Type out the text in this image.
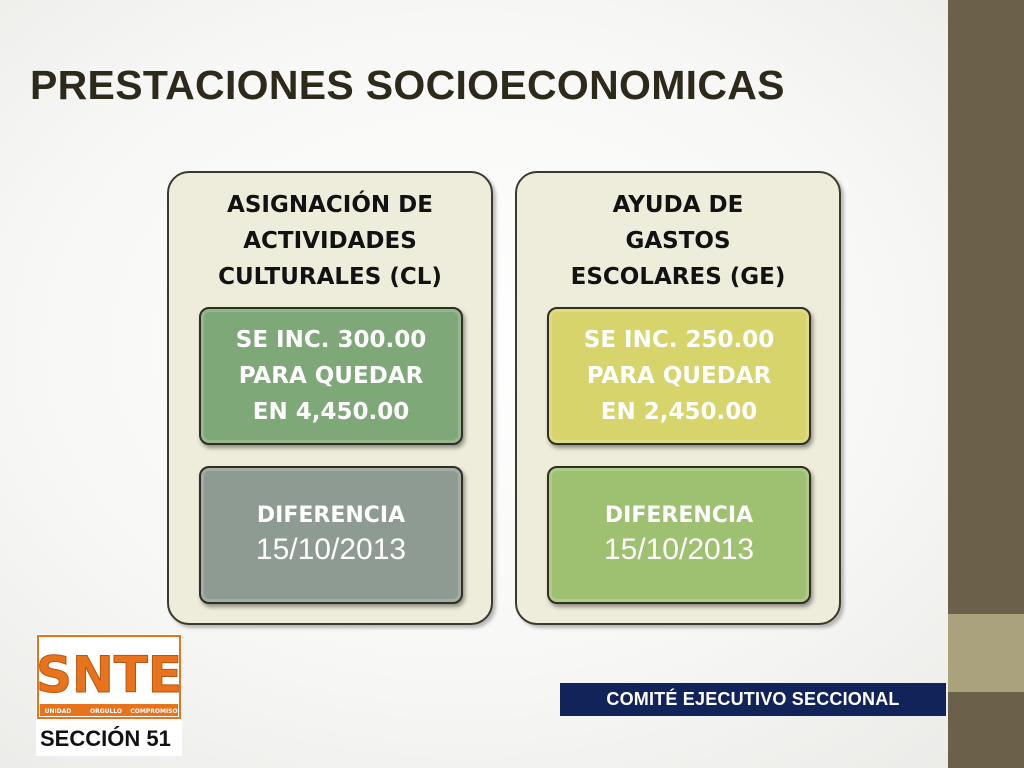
PRESTACIONES SOCIOECONOMICAS
ASIGNACIÓN DE
ACTIVIDADES
CULTURALES (CL)
SE INC. 300.00
PARA QUEDAR
EN 4,450.00
DIFERENCIA
15/10/2013
AYUDA DE
GASTOS
ESCOLARES (GE)
SE INC. 250.00
PARA QUEDAR
EN 2,450.00
DIFERENCIA
15/10/2013
SNTE
UNIDAD	ORGULLO COMPROMISO

SECCIÓN 51

COMITÉ EJECUTIVO SECCIONAL
